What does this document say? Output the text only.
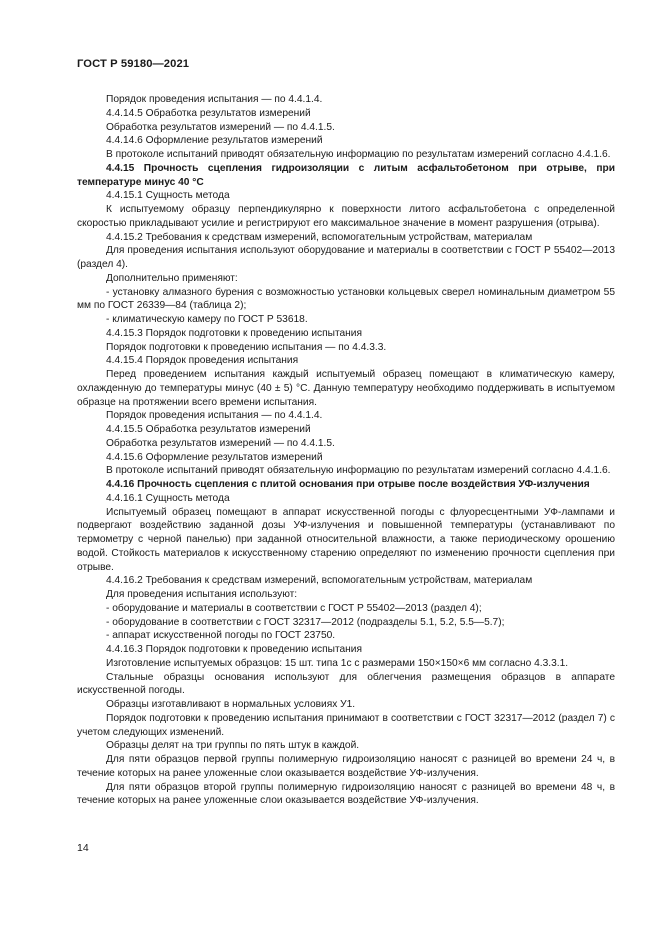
ГОСТ Р 59180—2021

Порядок проведения испытания — по 4.4.1.4.

4.4.14.5 Обработка результатов измерений

Обработка результатов измерений — по 4.4.1.5.

4.4.14.6 Оформление результатов измерений

В протоколе испытаний приводят обязательную информацию по результатам измерений согласно 4.4.1.6.

4.4.15 Прочность сцепления гидроизоляции с литым асфальтобетоном при отрыве, при температуре минус 40 °С

4.4.15.1 Сущность метода

К испытуемому образцу перпендикулярно к поверхности литого асфальтобетона с определенной скоростью прикладывают усилие и регистрируют его максимальное значение в момент разрушения (отрыва).

4.4.15.2 Требования к средствам измерений, вспомогательным устройствам, материалам

Для проведения испытания используют оборудование и материалы в соответствии с ГОСТ Р 55402—2013 (раздел 4).

Дополнительно применяют:

- установку алмазного бурения с возможностью установки кольцевых сверел номинальным диаметром 55 мм по ГОСТ 26339—84 (таблица 2);

- климатическую камеру по ГОСТ Р 53618.

4.4.15.3 Порядок подготовки к проведению испытания

Порядок подготовки к проведению испытания — по 4.4.3.3.

4.4.15.4 Порядок проведения испытания

Перед проведением испытания каждый испытуемый образец помещают в климатическую камеру, охлажденную до температуры минус (40 ± 5) °С. Данную температуру необходимо поддерживать в испытуемом образце на протяжении всего времени испытания.

Порядок проведения испытания — по 4.4.1.4.

4.4.15.5 Обработка результатов измерений

Обработка результатов измерений — по 4.4.1.5.

4.4.15.6 Оформление результатов измерений

В протоколе испытаний приводят обязательную информацию по результатам измерений согласно 4.4.1.6.

4.4.16 Прочность сцепления с плитой основания при отрыве после воздействия УФ-излучения

4.4.16.1 Сущность метода

Испытуемый образец помещают в аппарат искусственной погоды с флуоресцентными УФ-лампами и подвергают воздействию заданной дозы УФ-излучения и повышенной температуры (устанавливают по термометру с черной панелью) при заданной относительной влажности, а также периодическому орошению водой. Стойкость материалов к искусственному старению определяют по изменению прочности сцепления при отрыве.

4.4.16.2 Требования к средствам измерений, вспомогательным устройствам, материалам

Для проведения испытания используют:

- оборудование и материалы в соответствии с ГОСТ Р 55402—2013 (раздел 4);

- оборудование в соответствии с ГОСТ 32317—2012 (подразделы 5.1, 5.2, 5.5—5.7);

- аппарат искусственной погоды по ГОСТ 23750.

4.4.16.3 Порядок подготовки к проведению испытания

Изготовление испытуемых образцов: 15 шт. типа 1с с размерами 150×150×6 мм согласно 4.3.3.1.

Стальные образцы основания используют для облегчения размещения образцов в аппарате искусственной погоды.

Образцы изготавливают в нормальных условиях У1.

Порядок подготовки к проведению испытания принимают в соответствии с ГОСТ 32317—2012 (раздел 7) с учетом следующих изменений.

Образцы делят на три группы по пять штук в каждой.

Для пяти образцов первой группы полимерную гидроизоляцию наносят с разницей во времени 24 ч, в течение которых на ранее уложенные слои оказывается воздействие УФ-излучения.

Для пяти образцов второй группы полимерную гидроизоляцию наносят с разницей во времени 48 ч, в течение которых на ранее уложенные слои оказывается воздействие УФ-излучения.

14
